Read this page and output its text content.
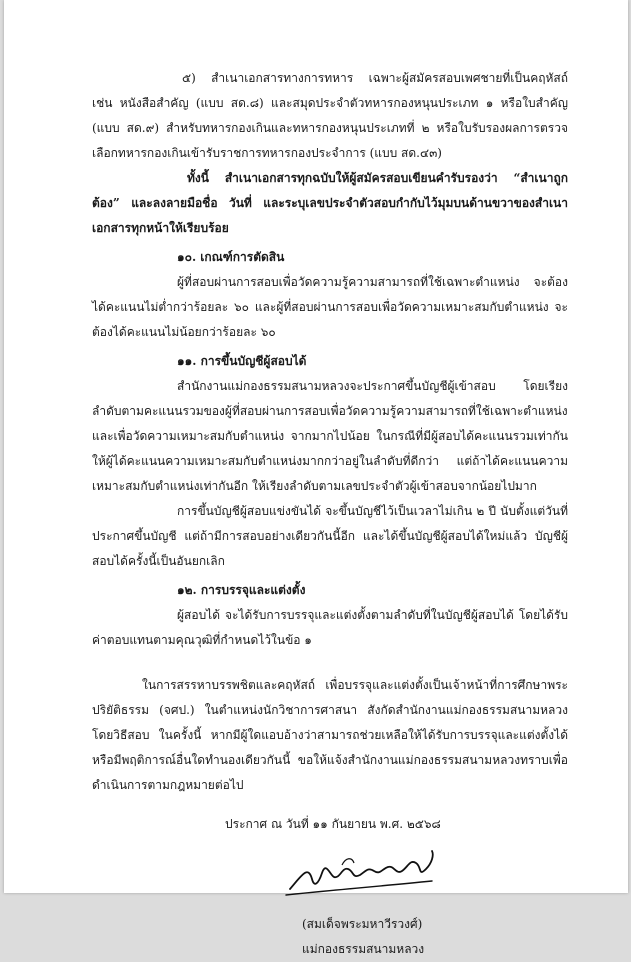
๕) สำเนาเอกสารทางการทหาร เฉพาะผู้สมัครสอบเพศชายที่เป็นคฤหัสถ์ เช่น หนังสือสำคัญ (แบบ สด.๘) และสมุดประจำตัวทหารกองหนุนประเภท ๑ หรือใบสำคัญ (แบบ สด.๙) สำหรับทหารกองเกินและทหารกองหนุนประเภทที่ ๒ หรือใบรับรองผลการตรวจเลือกทหารกองเกินเข้ารับราชการทหารกองประจำการ (แบบ สด.๔๓)

ทั้งนี้ สำเนาเอกสารทุกฉบับให้ผู้สมัครสอบเขียนคำรับรองว่า “สำเนาถูกต้อง” และลงลายมือชื่อ วันที่ และระบุเลขประจำตัวสอบกำกับไว้มุมบนด้านขวาของสำเนาเอกสารทุกหน้าให้เรียบร้อย

๑๐. เกณฑ์การตัดสิน

ผู้ที่สอบผ่านการสอบเพื่อวัดความรู้ความสามารถที่ใช้เฉพาะตำแหน่ง จะต้องได้คะแนนไม่ต่ำกว่าร้อยละ ๖๐ และผู้ที่สอบผ่านการสอบเพื่อวัดความเหมาะสมกับตำแหน่ง จะต้องได้คะแนนไม่น้อยกว่าร้อยละ ๖๐

๑๑. การขึ้นบัญชีผู้สอบได้

สำนักงานแม่กองธรรมสนามหลวงจะประกาศขึ้นบัญชีผู้เข้าสอบ โดยเรียงลำดับตามคะแนนรวมของผู้ที่สอบผ่านการสอบเพื่อวัดความรู้ความสามารถที่ใช้เฉพาะตำแหน่งและเพื่อวัดความเหมาะสมกับตำแหน่ง จากมากไปน้อย ในกรณีที่มีผู้สอบได้คะแนนรวมเท่ากัน ให้ผู้ได้คะแนนความเหมาะสมกับตำแหน่งมากกว่าอยู่ในลำดับที่ดีกว่า แต่ถ้าได้คะแนนความเหมาะสมกับตำแหน่งเท่ากันอีก ให้เรียงลำดับตามเลขประจำตัวผู้เข้าสอบจากน้อยไปมาก

การขึ้นบัญชีผู้สอบแข่งขันได้ จะขึ้นบัญชีไว้เป็นเวลาไม่เกิน ๒ ปี นับตั้งแต่วันที่ประกาศขึ้นบัญชี แต่ถ้ามีการสอบอย่างเดียวกันนี้อีก และได้ขึ้นบัญชีผู้สอบได้ใหม่แล้ว บัญชีผู้สอบได้ครั้งนี้เป็นอันยกเลิก

๑๒. การบรรจุและแต่งตั้ง

ผู้สอบได้ จะได้รับการบรรจุและแต่งตั้งตามลำดับที่ในบัญชีผู้สอบได้ โดยได้รับค่าตอบแทนตามคุณวุฒิที่กำหนดไว้ในข้อ ๑

ในการสรรหาบรรพชิตและคฤหัสถ์ เพื่อบรรจุและแต่งตั้งเป็นเจ้าหน้าที่การศึกษาพระปริยัติธรรม (จศป.) ในตำแหน่งนักวิชาการศาสนา สังกัดสำนักงานแม่กองธรรมสนามหลวง โดยวิธีสอบ ในครั้งนี้ หากมีผู้ใดแอบอ้างว่าสามารถช่วยเหลือให้ได้รับการบรรจุและแต่งตั้งได้ หรือมีพฤติการณ์อื่นใดทำนองเดียวกันนี้ ขอให้แจ้งสำนักงานแม่กองธรรมสนามหลวงทราบเพื่อดำเนินการตามกฎหมายต่อไป

ประกาศ ณ วันที่ ๑๑ กันยายน พ.ศ. ๒๕๖๘

(สมเด็จพระมหาวีรวงศ์)

แม่กองธรรมสนามหลวง
